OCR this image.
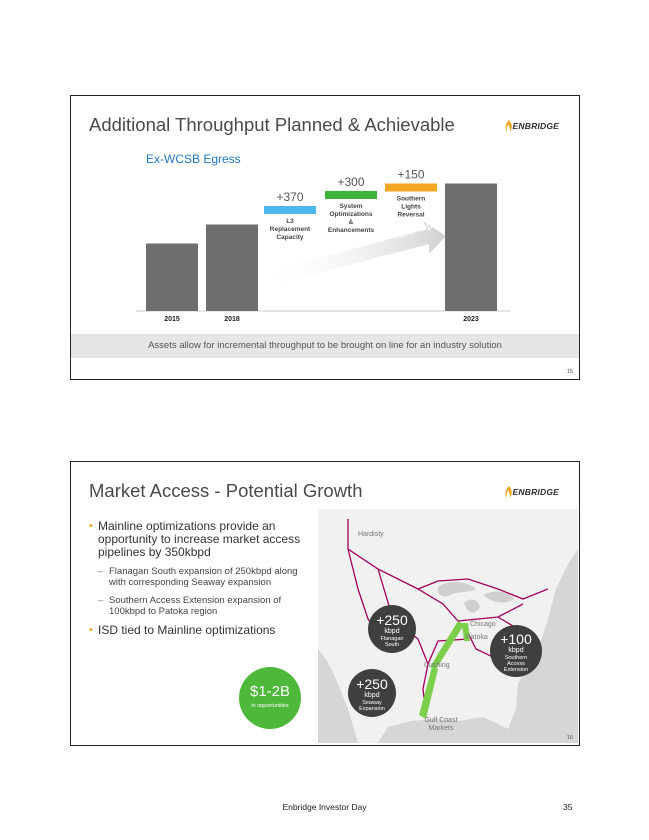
Additional Throughput Planned & Achievable	ENBRIDGE
Ex-WCSB Egress
+820Kbpd
2015	2018
+370
L3
Replacement
Capacity
+300
System
Optimizations
&
Enhancements
+150
Southern
Lights
Reversal
2023
Assets allow for incremental throughput to be brought on line for an industry solution
15
Market Access - Potential Growth	ENBRIDGE
• Mainline optimizations provide an opportunity to increase market access pipelines by 350kbpd
– Flanagan South expansion of 250kbpd along with corresponding Seaway expansion
– Southern Access Extension expansion of 100kbpd to Patoka region
• ISD tied to Mainline optimizations
$1-2B
in opportunities
Hardisty
Chicago
Patoka
Cushing
Gulf Coast Markets
+250
kbpd
Flanagan South	+100
kbpd
Southern Access Extension
+250
kbpd
Seaway Expansion
16
Enbridge Investor Day	35
